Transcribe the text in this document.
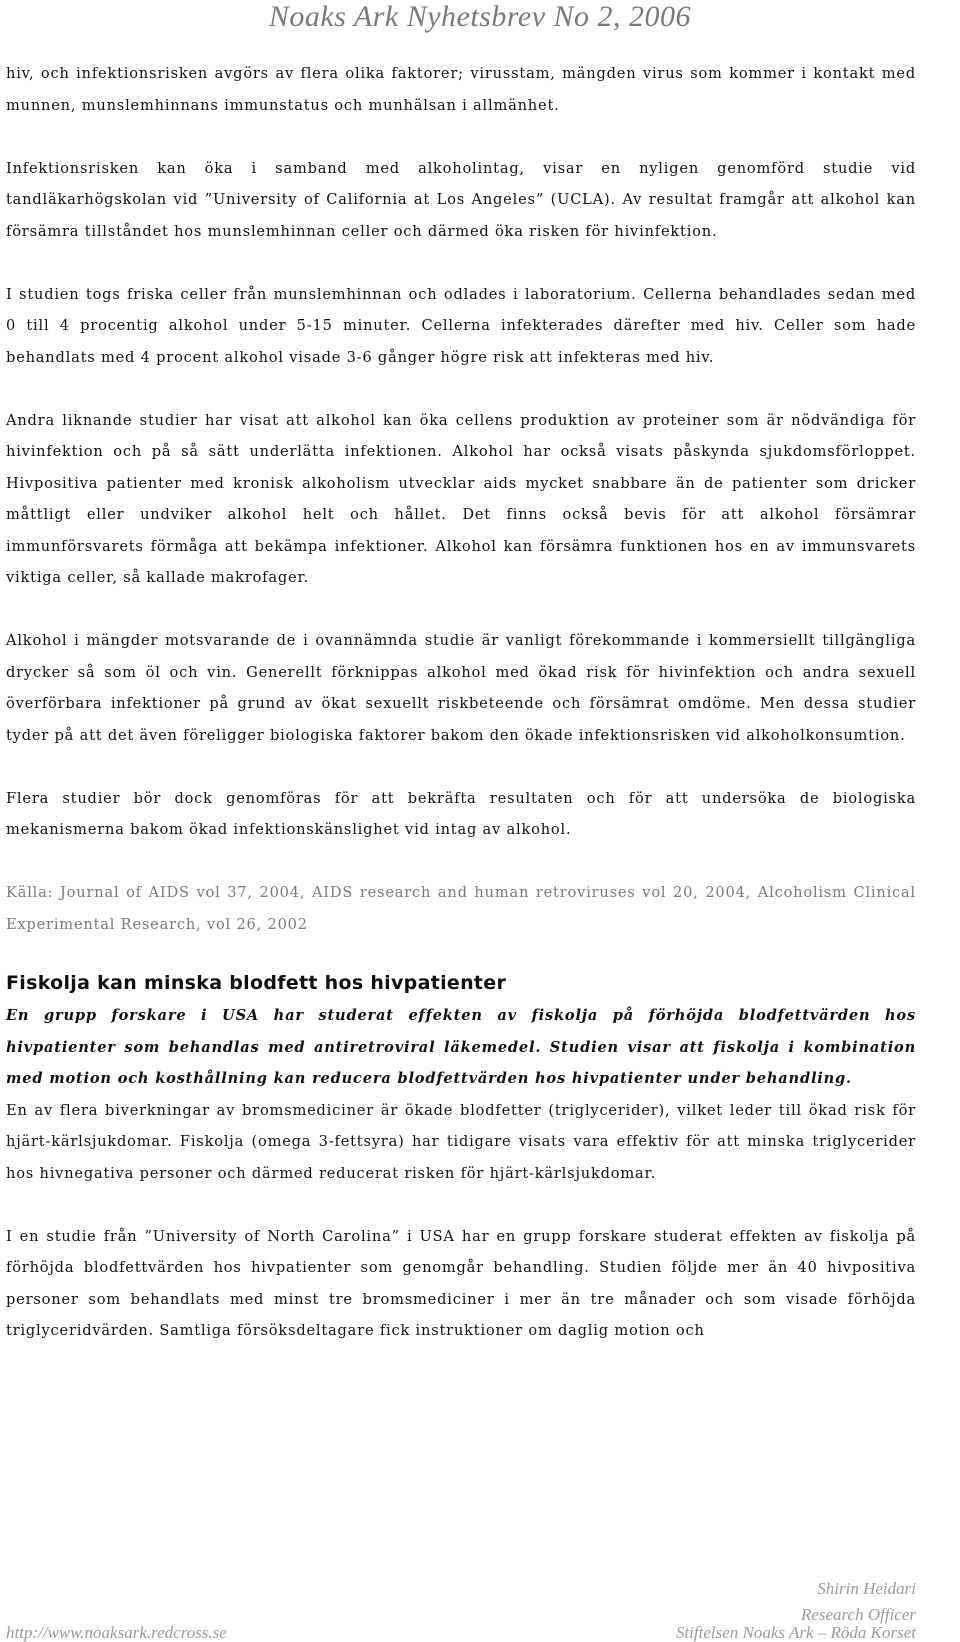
Noaks Ark Nyhetsbrev No 2, 2006

hiv, och infektionsrisken avgörs av flera olika faktorer; virusstam, mängden virus som kommer i kontakt med munnen, munslemhinnans immunstatus och munhälsan i allmänhet.

Infektionsrisken kan öka i samband med alkoholintag, visar en nyligen genomförd studie vid tandläkarhögskolan vid ”University of California at Los Angeles” (UCLA). Av resultat framgår att alkohol kan försämra tillståndet hos munslemhinnan celler och därmed öka risken för hivinfektion.

I studien togs friska celler från munslemhinnan och odlades i laboratorium. Cellerna behandlades sedan med 0 till 4 procentig alkohol under 5-15 minuter. Cellerna infekterades därefter med hiv. Celler som hade behandlats med 4 procent alkohol visade 3-6 gånger högre risk att infekteras med hiv.

Andra liknande studier har visat att alkohol kan öka cellens produktion av proteiner som är nödvändiga för hivinfektion och på så sätt underlätta infektionen. Alkohol har också visats påskynda sjukdomsförloppet. Hivpositiva patienter med kronisk alkoholism utvecklar aids mycket snabbare än de patienter som dricker måttligt eller undviker alkohol helt och hållet. Det finns också bevis för att alkohol försämrar immunförsvarets förmåga att bekämpa infektioner. Alkohol kan försämra funktionen hos en av immunsvarets viktiga celler, så kallade makrofager.

Alkohol i mängder motsvarande de i ovannämnda studie är vanligt förekommande i kommersiellt tillgängliga drycker så som öl och vin. Generellt förknippas alkohol med ökad risk för hivinfektion och andra sexuell överförbara infektioner på grund av ökat sexuellt riskbeteende och försämrat omdöme. Men dessa studier tyder på att det även föreligger biologiska faktorer bakom den ökade infektionsrisken vid alkoholkonsumtion.

Flera studier bör dock genomföras för att bekräfta resultaten och för att undersöka de biologiska mekanismerna bakom ökad infektionskänslighet vid intag av alkohol.

Källa: Journal of AIDS vol 37, 2004, AIDS research and human retroviruses vol 20, 2004, Alcoholism Clinical Experimental Research, vol 26, 2002

Fiskolja kan minska blodfett hos hivpatienter

En grupp forskare i USA har studerat effekten av fiskolja på förhöjda blodfettvärden hos hivpatienter som behandlas med antiretroviral läkemedel. Studien visar att fiskolja i kombination med motion och kosthållning kan reducera blodfettvärden hos hivpatienter under behandling.

En av flera biverkningar av bromsmediciner är ökade blodfetter (triglycerider), vilket leder till ökad risk för hjärt-kärlsjukdomar. Fiskolja (omega 3-fettsyra) har tidigare visats vara effektiv för att minska triglycerider hos hivnegativa personer och därmed reducerat risken för hjärt-kärlsjukdomar.

I en studie från ”University of North Carolina” i USA har en grupp forskare studerat effekten av fiskolja på förhöjda blodfettvärden hos hivpatienter som genomgår behandling. Studien följde mer än 40 hivpositiva personer som behandlats med minst tre bromsmediciner i mer än tre månader och som visade förhöjda triglyceridvärden. Samtliga försöksdeltagare fick instruktioner om daglig motion och

Shirin Heidari
Research Officer
http://www.noaksark.redcross.se	Stiftelsen Noaks Ark – Röda Korset
